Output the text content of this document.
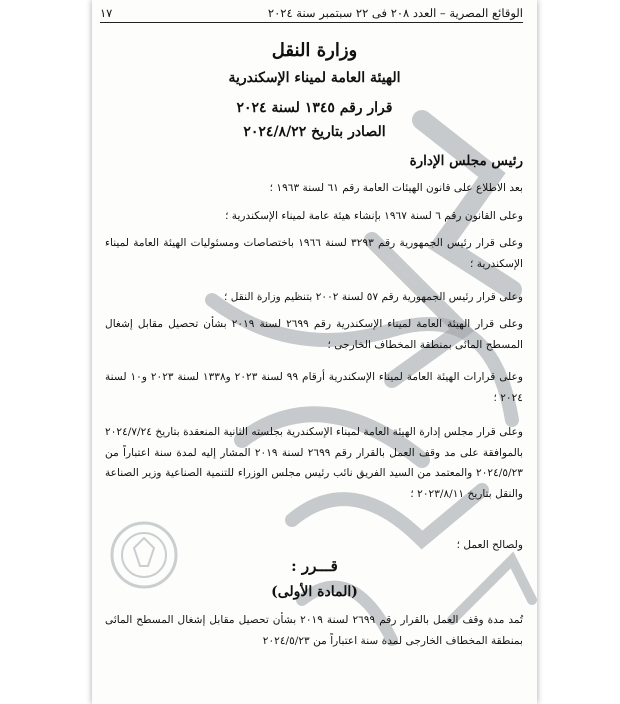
الوقائع المصرية – العدد ٢٠٨ فى ٢٢ سبتمبر سنة ٢٠٢٤
١٧
وزارة النقل
الهيئة العامة لميناء الإسكندرية
قرار رقم ١٣٤٥ لسنة ٢٠٢٤
الصادر بتاريخ ٢٠٢٤/٨/٢٢
رئيس مجلس الإدارة
بعد الاطلاع على قانون الهيئات العامة رقم ٦١ لسنة ١٩٦٣ ؛
وعلى القانون رقم ٦ لسنة ١٩٦٧ بإنشاء هيئة عامة لميناء الإسكندرية ؛
وعلى قرار رئيس الجمهورية رقم ٣٢٩٣ لسنة ١٩٦٦ باختصاصات ومسئوليات الهيئة العامة لميناء الإسكندرية ؛
وعلى قرار رئيس الجمهورية رقم ٥٧ لسنة ٢٠٠٢ بتنظيم وزارة النقل ؛
وعلى قرار الهيئة العامة لميناء الإسكندرية رقم ٢٦٩٩ لسنة ٢٠١٩ بشأن تحصيل مقابل إشغال المسطح المائى بمنطقة المخطاف الخارجى ؛
وعلى قرارات الهيئة العامة لميناء الإسكندرية أرقام ٩٩ لسنة ٢٠٢٣ و١٣٣٨ لسنة ٢٠٢٣ و١٠ لسنة ٢٠٢٤ ؛
وعلى قرار مجلس إدارة الهيئة العامة لميناء الإسكندرية بجلسته الثانية المنعقدة بتاريخ ٢٠٢٤/٧/٢٤ بالموافقة على مد وقف العمل بالقرار رقم ٢٦٩٩ لسنة ٢٠١٩ المشار إليه لمدة سنة اعتباراً من ٢٠٢٤/٥/٢٣ والمعتمد من السيد الفريق نائب رئيس مجلس الوزراء للتنمية الصناعية وزير الصناعة والنقل بتاريخ ٢٠٢٣/٨/١١ ؛
ولصالح العمل ؛
قـــرر :
(المادة الأولى)
تُمد مدة وقف العمل بالقرار رقم ٢٦٩٩ لسنة ٢٠١٩ بشأن تحصيل مقابل إشغال المسطح المائى بمنطقة المخطاف الخارجى لمدة سنة اعتباراً من ٢٠٢٤/٥/٢٣
